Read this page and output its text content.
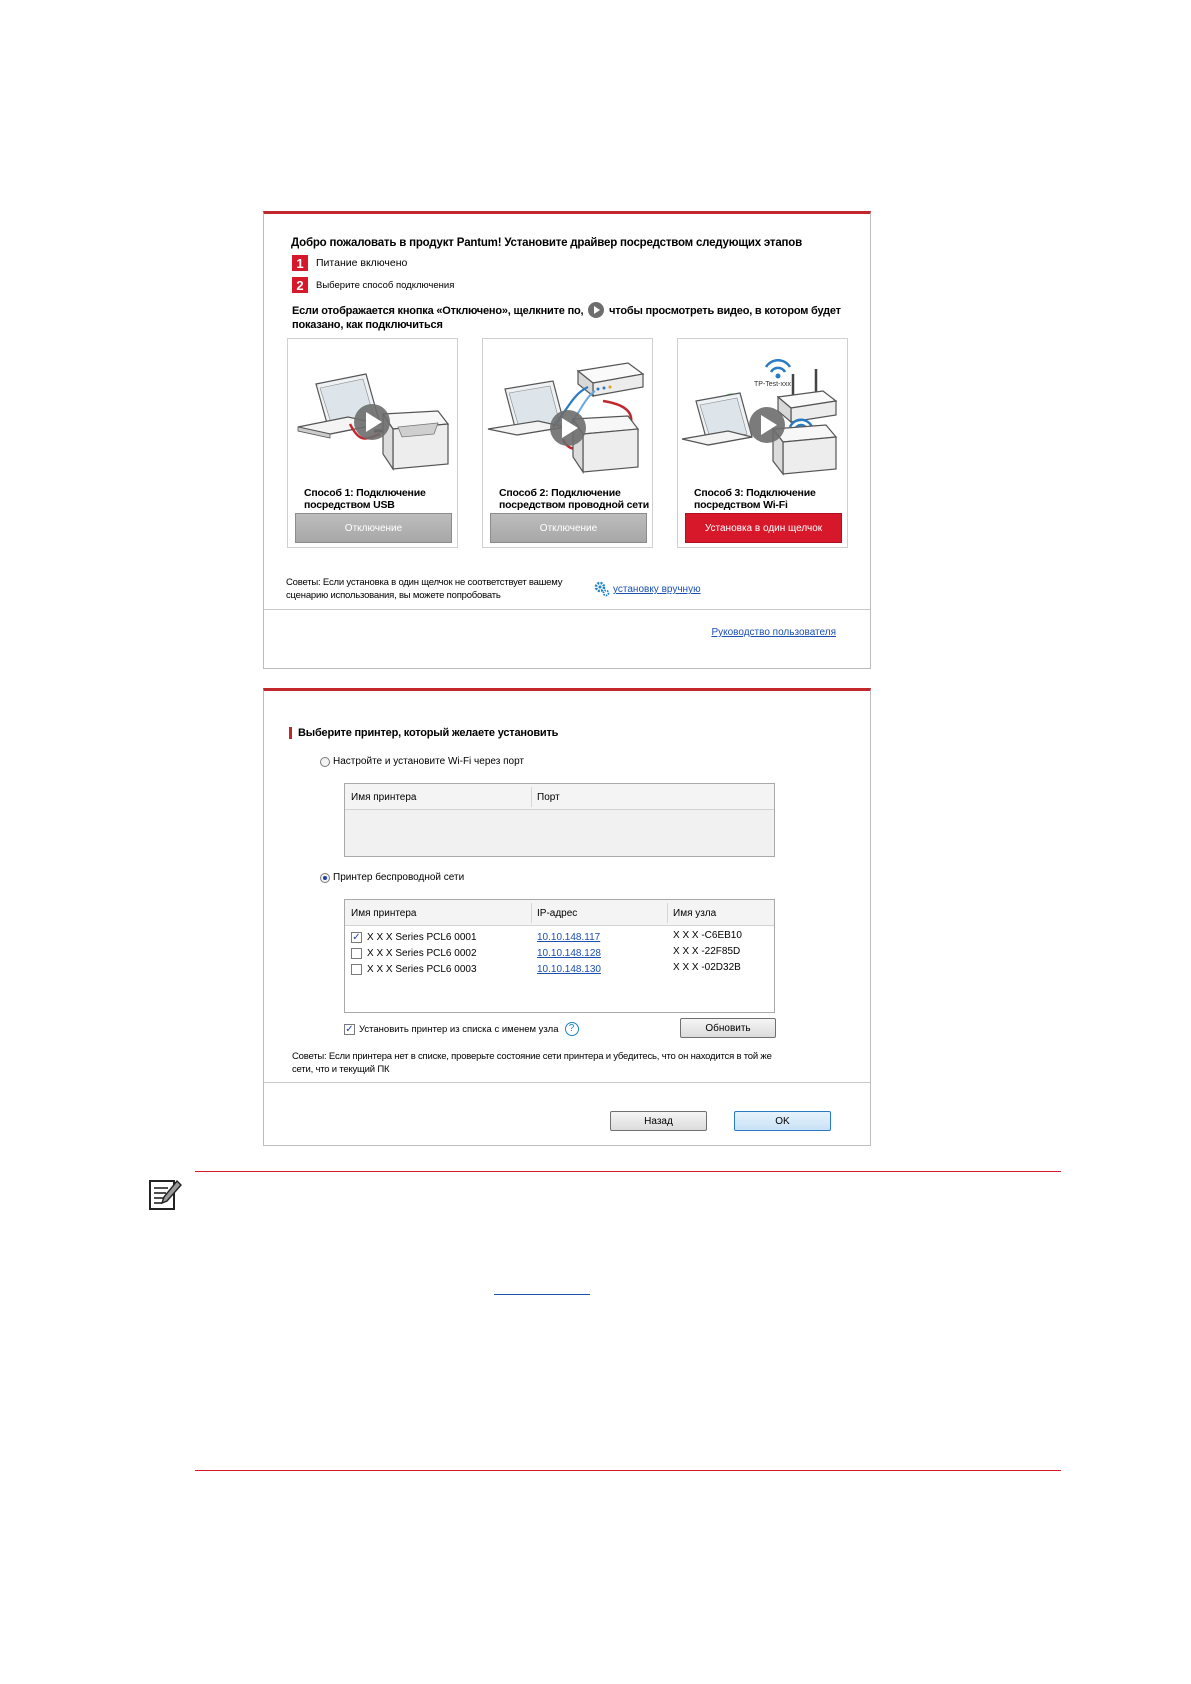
Добро пожаловать в продукт Pantum! Установите драйвер посредством следующих этапов
1	Питание включено
2	Выберите способ подключения
Если отображается кнопка «Отключено», щелкните по, чтобы просмотреть видео, в котором будет показано, как подключиться
Способ 1: Подключение посредством USB
Отключение
Способ 2: Подключение посредством проводной сети
Отключение
TP-Test-xxx
Способ 3: Подключение посредством Wi-Fi
Установка в один щелчок
Советы: Если установка в один щелчок не соответствует вашему сценарию использования, вы можете попробовать
установку вручную
Руководство пользователя
Выберите принтер, который желаете установить
Настройте и установите Wi-Fi через порт
Имя принтера	Порт
Принтер беспроводной сети
Имя принтера	IP-адрес	Имя узла
✓ X X X Series PCL6 0001	10.10.148.117	X X X -C6EB10
X X X Series PCL6 0002	10.10.148.128	X X X -22F85D
X X X Series PCL6 0003	10.10.148.130	X X X -02D32B
✓ Установить принтер из списка с именем узла	?	Обновить
Советы: Если принтера нет в списке, проверьте состояние сети принтера и убедитесь, что он находится в той же сети, что и текущий ПК
Назад	OK
